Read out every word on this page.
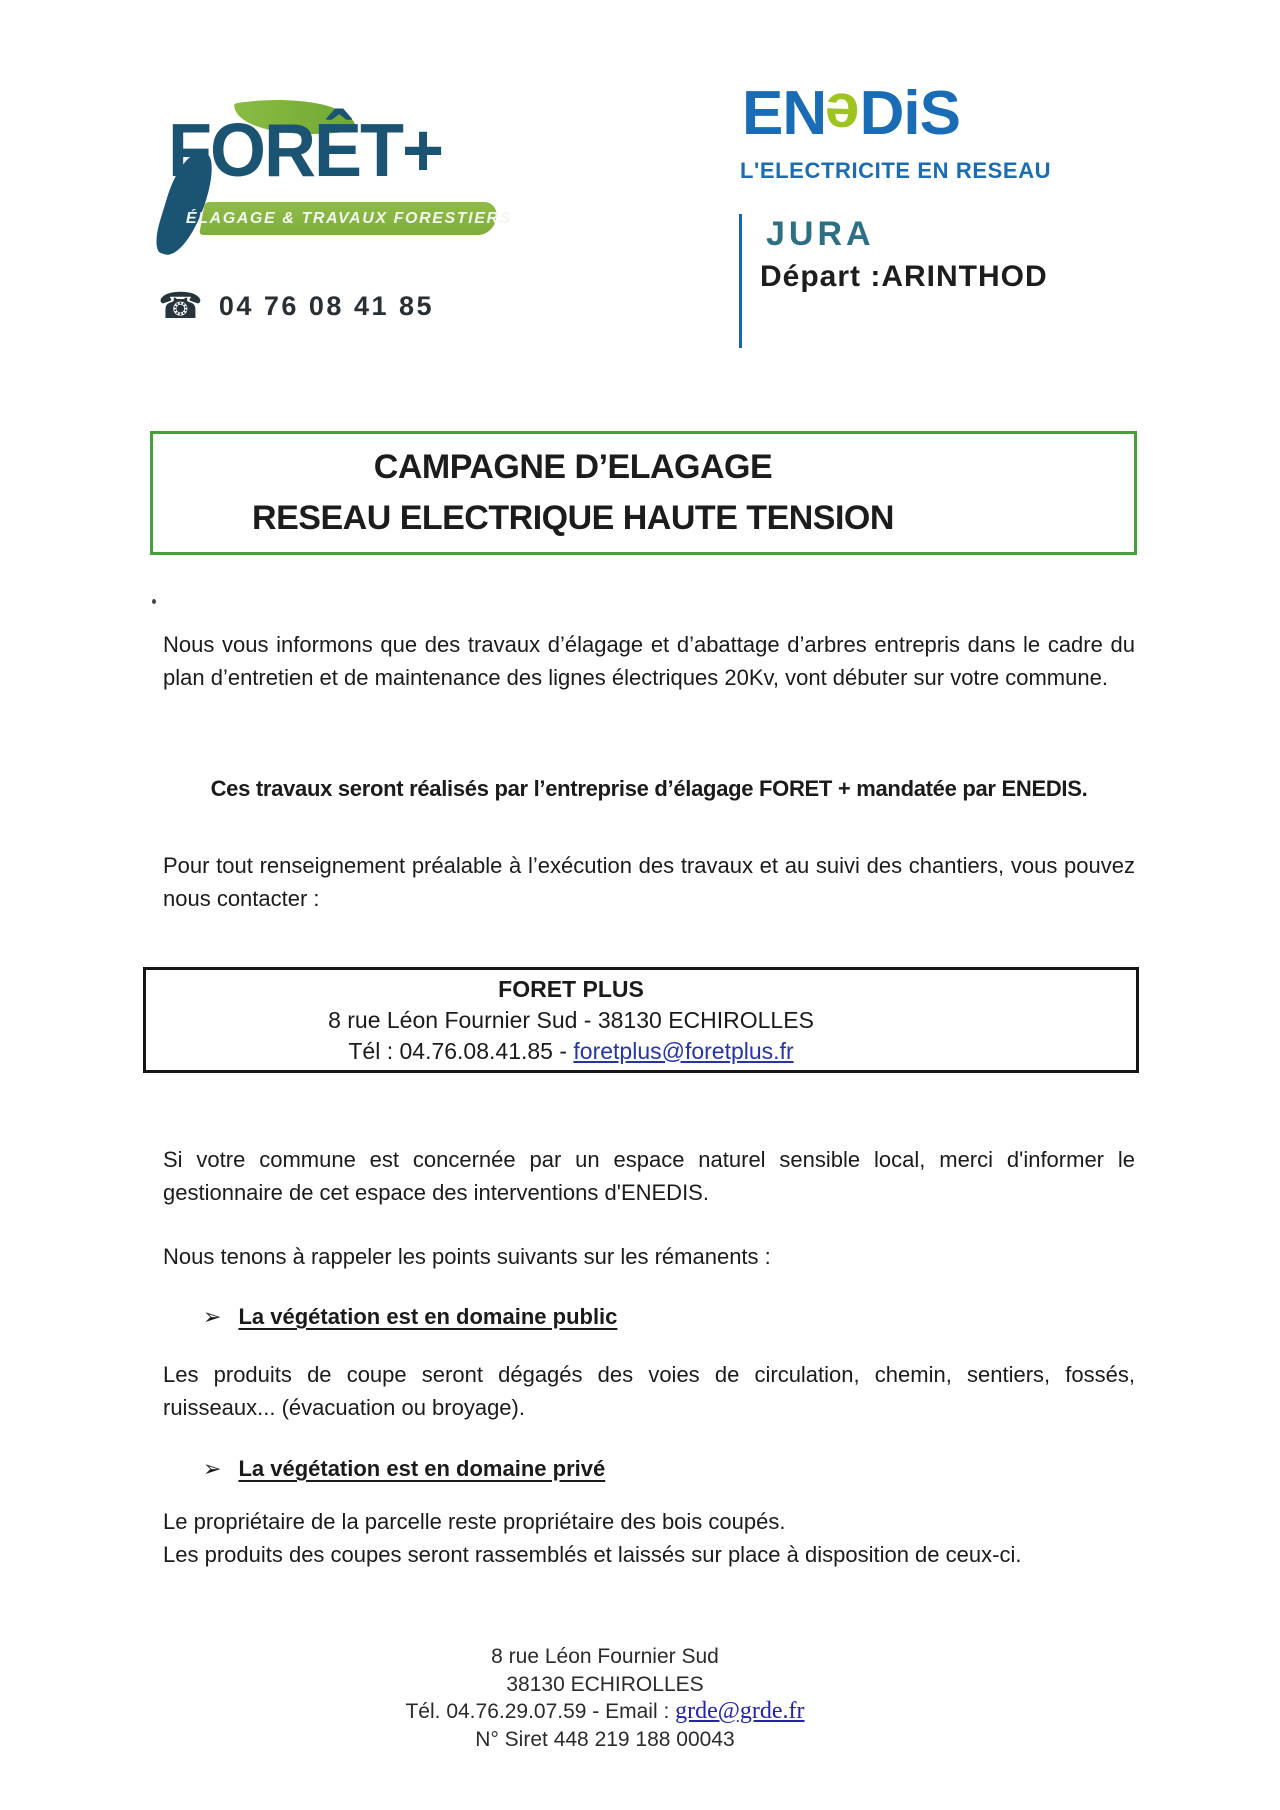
FORÊT+
ÉLAGAGE & TRAVAUX FORESTIERS
☎ 04 76 08 41 85
ENeDiS
L'ELECTRICITE EN RESEAU
JURA
Départ :ARINTHOD
CAMPAGNE D’ELAGAGE
RESEAU ELECTRIQUE HAUTE TENSION
Nous vous informons que des travaux d’élagage et d’abattage d’arbres entrepris dans le cadre du plan d’entretien et de maintenance des lignes électriques 20Kv, vont débuter sur votre commune.
Ces travaux seront réalisés par l’entreprise d’élagage FORET + mandatée par ENEDIS.
Pour tout renseignement préalable à l’exécution des travaux et au suivi des chantiers, vous pouvez nous contacter :
FORET PLUS
8 rue Léon Fournier Sud - 38130 ECHIROLLES
Tél : 04.76.08.41.85 - foretplus@foretplus.fr
Si votre commune est concernée par un espace naturel sensible local, merci d'informer le gestionnaire de cet espace des interventions d'ENEDIS.
Nous tenons à rappeler les points suivants sur les rémanents :
➢ La végétation est en domaine public
Les produits de coupe seront dégagés des voies de circulation, chemin, sentiers, fossés, ruisseaux... (évacuation ou broyage).
➢ La végétation est en domaine privé
Le propriétaire de la parcelle reste propriétaire des bois coupés.
Les produits des coupes seront rassemblés et laissés sur place à disposition de ceux-ci.
8 rue Léon Fournier Sud
38130 ECHIROLLES
Tél. 04.76.29.07.59 - Email : grde@grde.fr
N° Siret 448 219 188 00043
